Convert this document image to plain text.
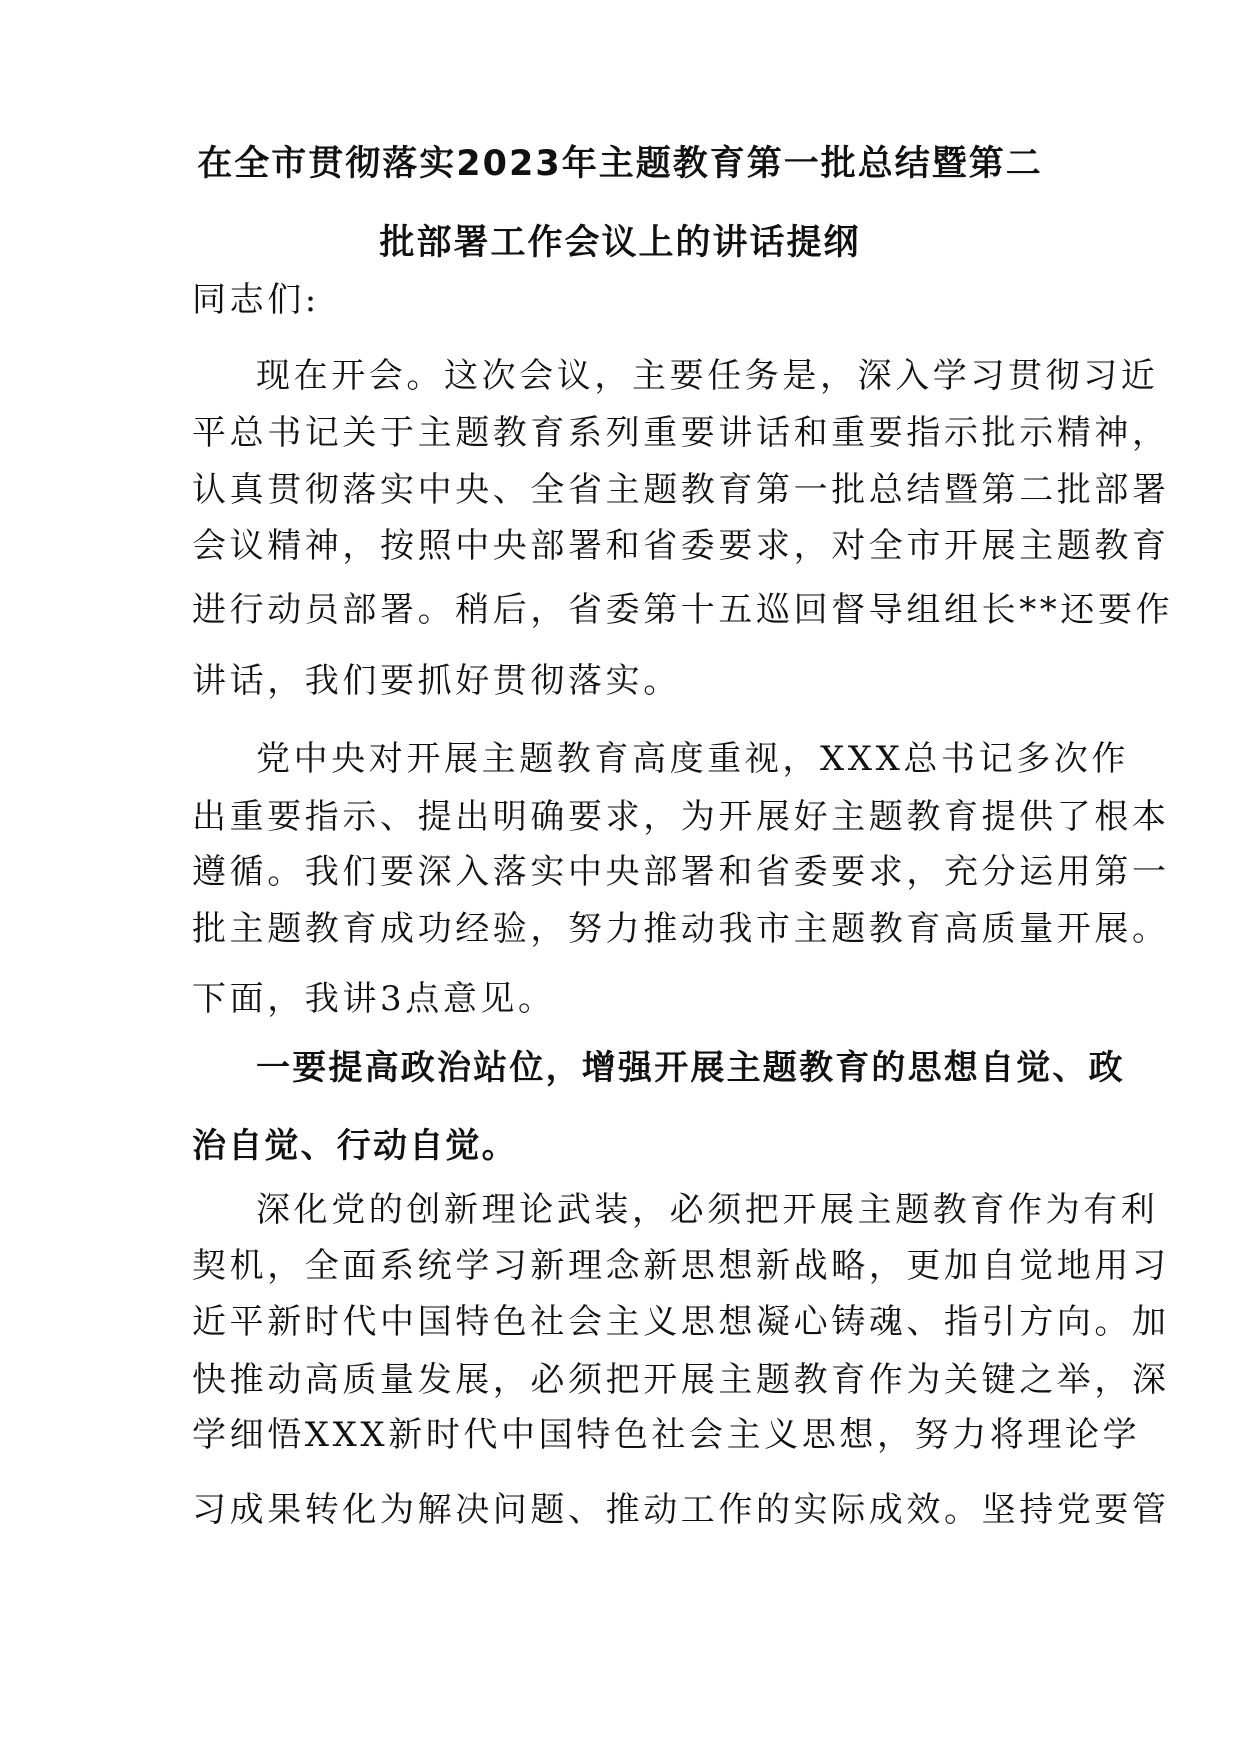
在全市贯彻落实2023年主题教育第一批总结暨第二
批部署工作会议上的讲话提纲
同志们:
现在开会。这次会议，主要任务是，深入学习贯彻习近
平总书记关于主题教育系列重要讲话和重要指示批示精神，
认真贯彻落实中央、全省主题教育第一批总结暨第二批部署
会议精神，按照中央部署和省委要求，对全市开展主题教育
进行动员部署。稍后，省委第十五巡回督导组组长**还要作
讲话，我们要抓好贯彻落实。
党中央对开展主题教育高度重视，XXX总书记多次作
出重要指示、提出明确要求，为开展好主题教育提供了根本
遵循。我们要深入落实中央部署和省委要求，充分运用第一
批主题教育成功经验，努力推动我市主题教育高质量开展。
下面，我讲3点意见。
一要提高政治站位，增强开展主题教育的思想自觉、政
治自觉、行动自觉。
深化党的创新理论武装，必须把开展主题教育作为有利
契机，全面系统学习新理念新思想新战略，更加自觉地用习
近平新时代中国特色社会主义思想凝心铸魂、指引方向。加
快推动高质量发展，必须把开展主题教育作为关键之举，深
学细悟XXX新时代中国特色社会主义思想，努力将理论学
习成果转化为解决问题、推动工作的实际成效。坚持党要管
